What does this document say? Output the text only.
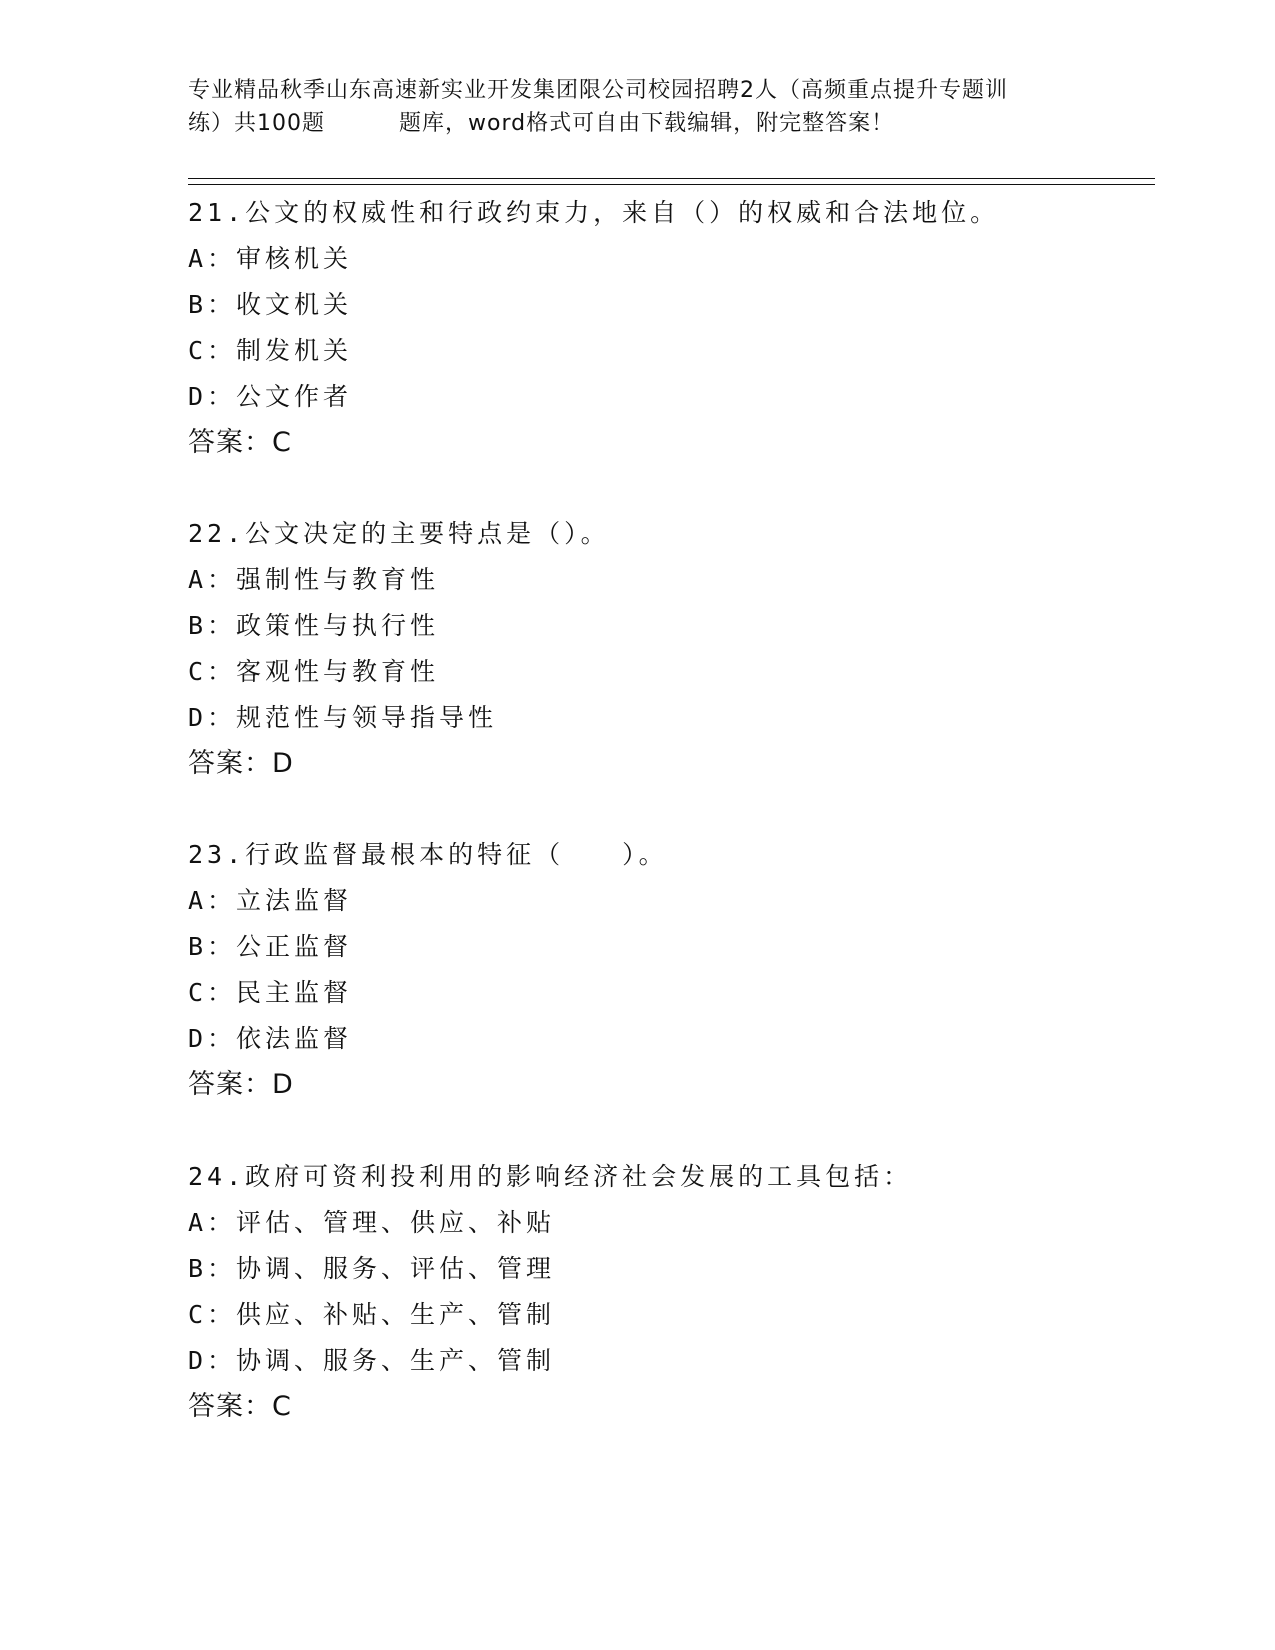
专业精品秋季山东高速新实业开发集团限公司校园招聘2人（高频重点提升专题训
练）共100题	题库，word格式可自由下载编辑，附完整答案！
21.公文的权威性和行政约束力，来自（）的权威和合法地位。
A：审核机关
B：收文机关
C：制发机关
D：公文作者
答案：C
22.公文决定的主要特点是（）。
A：强制性与教育性
B：政策性与执行性
C：客观性与教育性
D：规范性与领导指导性
答案：D
23.行政监督最根本的特征（　　）。
A：立法监督
B：公正监督
C：民主监督
D：依法监督
答案：D
24.政府可资利投利用的影响经济社会发展的工具包括：
A：评估、管理、供应、补贴
B：协调、服务、评估、管理
C：供应、补贴、生产、管制
D：协调、服务、生产、管制
答案：C
